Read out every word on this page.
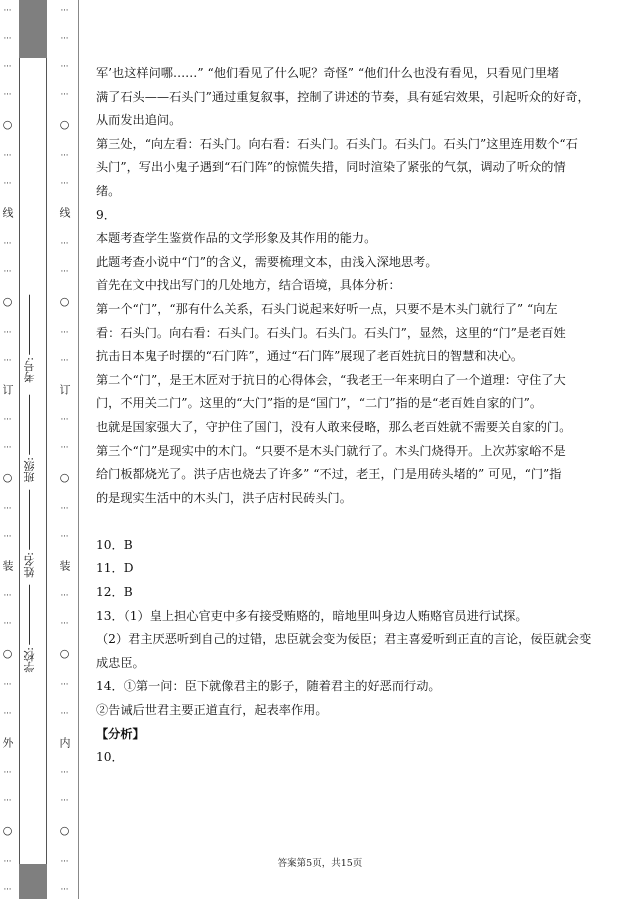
⋮
⋮
⋮
⋮
○
⋮
⋮
线
⋮
⋮
○
⋮
⋮
订
⋮
⋮
○
⋮
⋮
装
⋮
⋮
○
⋮
⋮
外
⋮
⋮
○
⋮
⋮
学校:
姓名:
班级:
考号:
⋮
⋮
⋮
⋮
○
⋮
⋮
线
⋮
⋮
○
⋮
⋮
订
⋮
⋮
○
⋮
⋮
装
⋮
⋮
○
⋮
⋮
内
⋮
⋮
○
⋮
⋮

军’也这样问哪……” “他们看见了什么呢？奇怪” “他们什么也没有看见，只看见门里堵

满了石头——石头门”通过重复叙事，控制了讲述的节奏，具有延宕效果，引起听众的好奇，

从而发出追问。

第三处，“向左看：石头门。向右看：石头门。石头门。石头门。石头门”这里连用数个“石

头门”，写出小鬼子遇到“石门阵”的惊慌失措，同时渲染了紧张的气氛，调动了听众的情

绪。

9．

本题考查学生鉴赏作品的文学形象及其作用的能力。

此题考查小说中“门”的含义，需要梳理文本，由浅入深地思考。

首先在文中找出写门的几处地方，结合语境，具体分析：

第一个“门”，“那有什么关系，石头门说起来好听一点，只要不是木头门就行了” “向左

看：石头门。向右看：石头门。石头门。石头门。石头门”，显然，这里的“门”是老百姓

抗击日本鬼子时摆的“石门阵”，通过“石门阵”展现了老百姓抗日的智慧和决心。

第二个“门”，是王木匠对于抗日的心得体会，“我老王一年来明白了一个道理：守住了大

门，不用关二门”。这里的“大门”指的是“国门”，“二门”指的是“老百姓自家的门”。

也就是国家强大了，守护住了国门，没有人敢来侵略，那么老百姓就不需要关自家的门。

第三个“门”是现实中的木门。“只要不是木头门就行了。木头门烧得开。上次苏家峪不是

给门板都烧光了。洪子店也烧去了许多” “不过，老王，门是用砖头堵的” 可见，“门”指

的是现实生活中的木头门，洪子店村民砖头门。

10．B

11．D

12．B

13．（1）皇上担心官吏中多有接受贿赂的，暗地里叫身边人贿赂官员进行试探。

（2）君主厌恶听到自己的过错，忠臣就会变为佞臣；君主喜爱听到正直的言论，佞臣就会变

成忠臣。

14．①第一问：臣下就像君主的影子，随着君主的好恶而行动。

②告诫后世君主要正道直行，起表率作用。

【分析】

10．

答案第5页，共15页
